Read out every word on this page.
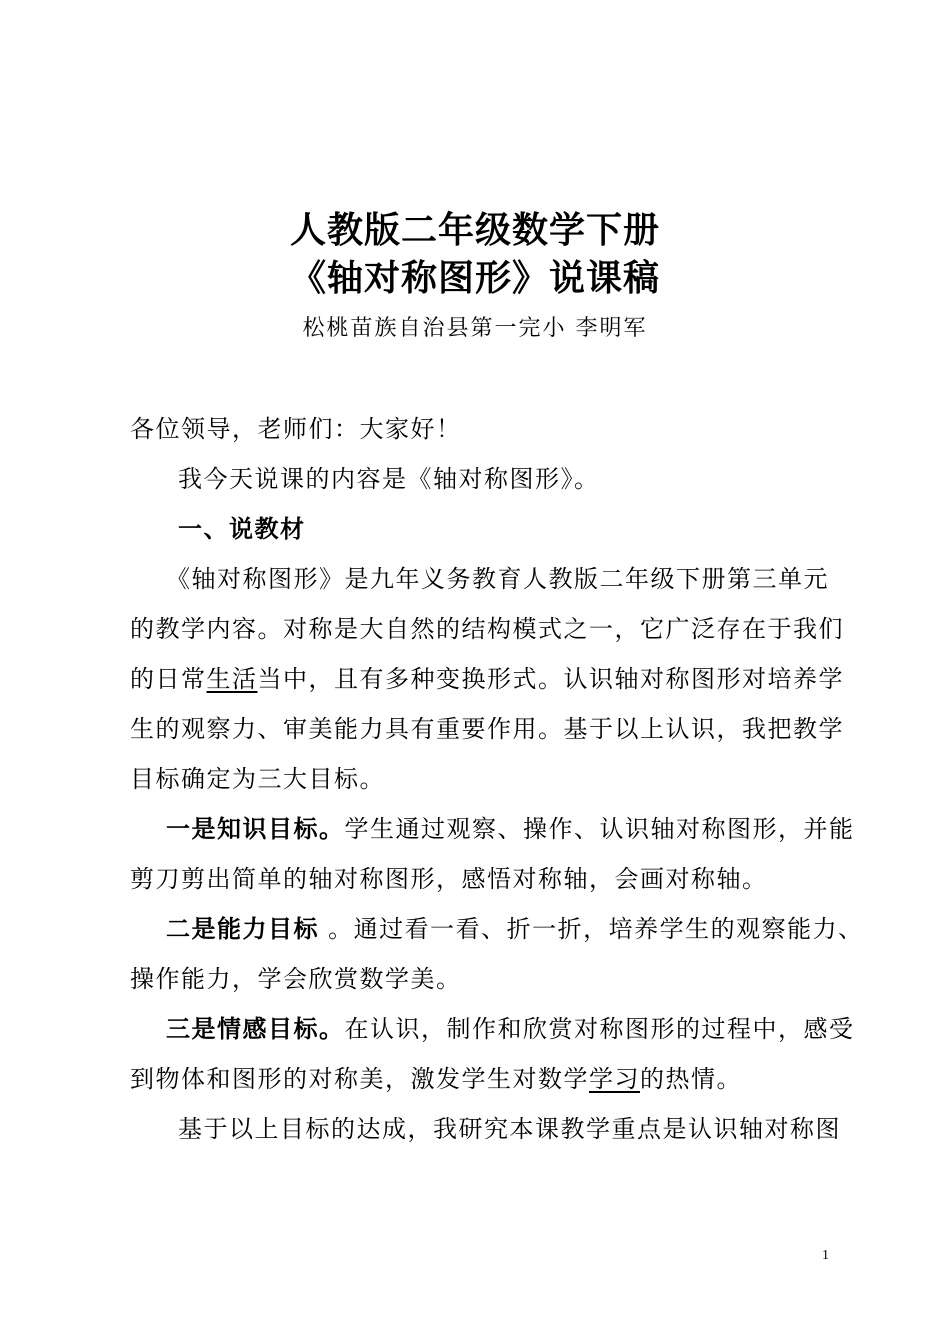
人教版二年级数学下册
《轴对称图形》说课稿
松桃苗族自治县第一完小 李明军
各位领导，老师们：大家好！
我今天说课的内容是《轴对称图形》。
一、说教材
《轴对称图形》是九年义务教育人教版二年级下册第三单元
的教学内容。对称是大自然的结构模式之一，它广泛存在于我们
的日常生活当中，且有多种变换形式。认识轴对称图形对培养学
生的观察力、审美能力具有重要作用。基于以上认识，我把教学
目标确定为三大目标。
一是知识目标。学生通过观察、操作、认识轴对称图形，并能
剪刀剪出简单的轴对称图形，感悟对称轴，会画对称轴。
二是能力目标 。通过看一看、折一折，培养学生的观察能力、
操作能力，学会欣赏数学美。
三是情感目标。在认识，制作和欣赏对称图形的过程中，感受
到物体和图形的对称美，激发学生对数学学习的热情。
基于以上目标的达成，我研究本课教学重点是认识轴对称图
1
